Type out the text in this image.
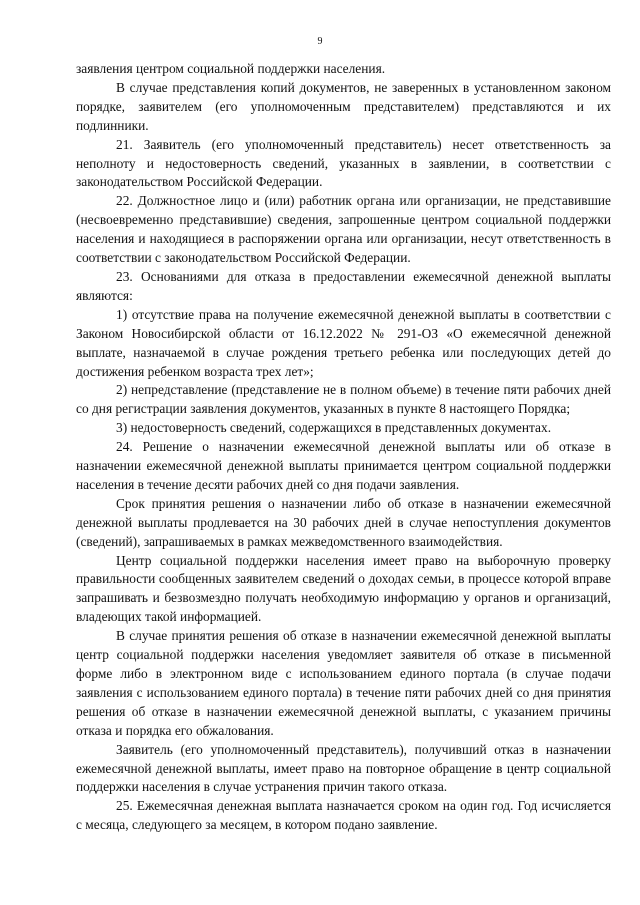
9

заявления центром социальной поддержки населения.

В случае представления копий документов, не заверенных в установленном законом порядке, заявителем (его уполномоченным представителем) представляются и их подлинники.

21. Заявитель (его уполномоченный представитель) несет ответственность за неполноту и недостоверность сведений, указанных в заявлении, в соответствии с законодательством Российской Федерации.

22. Должностное лицо и (или) работник органа или организации, не представившие (несвоевременно представившие) сведения, запрошенные центром социальной поддержки населения и находящиеся в распоряжении органа или организации, несут ответственность в соответствии с законодательством Российской Федерации.

23. Основаниями для отказа в предоставлении ежемесячной денежной выплаты являются:

1) отсутствие права на получение ежемесячной денежной выплаты в соответствии с Законом Новосибирской области от 16.12.2022 № 291-ОЗ «О ежемесячной денежной выплате, назначаемой в случае рождения третьего ребенка или последующих детей до достижения ребенком возраста трех лет»;

2) непредставление (представление не в полном объеме) в течение пяти рабочих дней со дня регистрации заявления документов, указанных в пункте 8 настоящего Порядка;

3) недостоверность сведений, содержащихся в представленных документах.

24. Решение о назначении ежемесячной денежной выплаты или об отказе в назначении ежемесячной денежной выплаты принимается центром социальной поддержки населения в течение десяти рабочих дней со дня подачи заявления.

Срок принятия решения о назначении либо об отказе в назначении ежемесячной денежной выплаты продлевается на 30 рабочих дней в случае непоступления документов (сведений), запрашиваемых в рамках межведомственного взаимодействия.

Центр социальной поддержки населения имеет право на выборочную проверку правильности сообщенных заявителем сведений о доходах семьи, в процессе которой вправе запрашивать и безвозмездно получать необходимую информацию у органов и организаций, владеющих такой информацией.

В случае принятия решения об отказе в назначении ежемесячной денежной выплаты центр социальной поддержки населения уведомляет заявителя об отказе в письменной форме либо в электронном виде с использованием единого портала (в случае подачи заявления с использованием единого портала) в течение пяти рабочих дней со дня принятия решения об отказе в назначении ежемесячной денежной выплаты, с указанием причины отказа и порядка его обжалования.

Заявитель (его уполномоченный представитель), получивший отказ в назначении ежемесячной денежной выплаты, имеет право на повторное обращение в центр социальной поддержки населения в случае устранения причин такого отказа.

25. Ежемесячная денежная выплата назначается сроком на один год. Год исчисляется с месяца, следующего за месяцем, в котором подано заявление.
